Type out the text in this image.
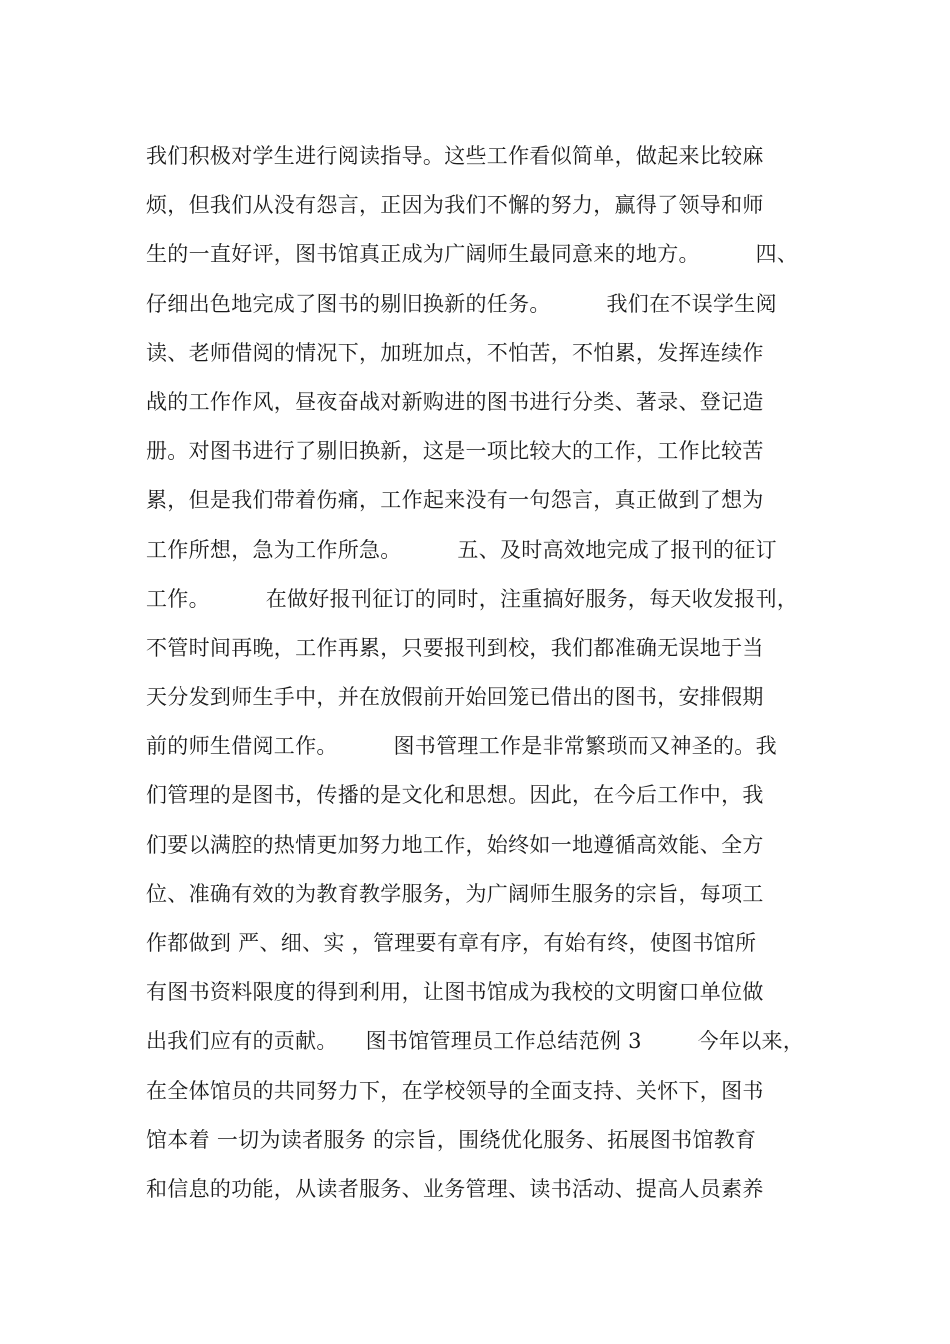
我们积极对学生进行阅读指导。这些工作看似简单，做起来比较麻
烦，但我们从没有怨言，正因为我们不懈的努力，赢得了领导和师
生的一直好评，图书馆真正成为广阔师生最同意来的地方。        四、
仔细出色地完成了图书的剔旧换新的任务。        我们在不误学生阅
读、老师借阅的情况下，加班加点，不怕苦，不怕累，发挥连续作
战的工作作风，昼夜奋战对新购进的图书进行分类、著录、登记造
册。对图书进行了剔旧换新，这是一项比较大的工作，工作比较苦
累，但是我们带着伤痛，工作起来没有一句怨言，真正做到了想为
工作所想，急为工作所急。        五、及时高效地完成了报刊的征订
工作。        在做好报刊征订的同时，注重搞好服务，每天收发报刊，
不管时间再晚，工作再累，只要报刊到校，我们都准确无误地于当
天分发到师生手中，并在放假前开始回笼已借出的图书，安排假期
前的师生借阅工作。        图书管理工作是非常繁琐而又神圣的。我
们管理的是图书，传播的是文化和思想。因此，在今后工作中，我
们要以满腔的热情更加努力地工作，始终如一地遵循高效能、全方
位、准确有效的为教育教学服务，为广阔师生服务的宗旨，每项工
作都做到 严、细、实 ，管理要有章有序，有始有终，使图书馆所
有图书资料限度的得到利用，让图书馆成为我校的文明窗口单位做
出我们应有的贡献。    图书馆管理员工作总结范例 3        今年以来，
在全体馆员的共同努力下，在学校领导的全面支持、关怀下，图书
馆本着 一切为读者服务 的宗旨，围绕优化服务、拓展图书馆教育
和信息的功能，从读者服务、业务管理、读书活动、提高人员素养
